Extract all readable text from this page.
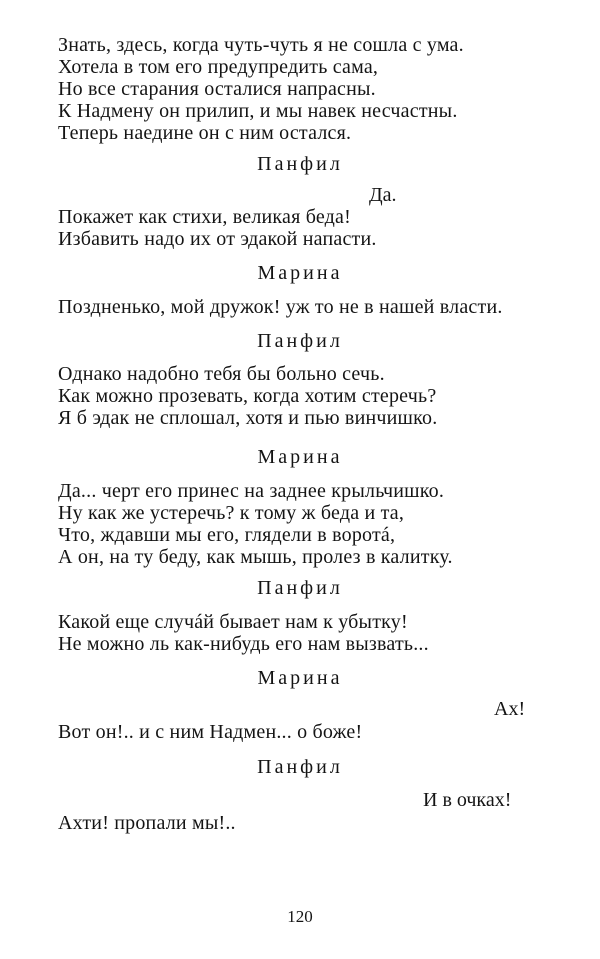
Знать, здесь, когда чуть-чуть я не сошла с ума.
Хотела в том его предупредить сама,
Но все старания осталися напрасны.
К Надмену он прилип, и мы навек несчастны.
Теперь наедине он с ним остался.
Панфил
Да.
Покажет как стихи, великая беда!
Избавить надо их от эдакой напасти.
Марина
Поздненько, мой дружок! уж то не в нашей власти.
Панфил
Однако надобно тебя бы больно сечь.
Как можно прозевать, когда хотим стеречь?
Я б эдак не сплошал, хотя и пью винчишко.
Марина
Да... черт его принес на заднее крыльчишко.
Ну как же устеречь? к тому ж беда и та,
Что, ждавши мы его, глядели в воротá,
А он, на ту беду, как мышь, пролез в калитку.
Панфил
Какой еще случáй бывает нам к убытку!
Не можно ль как-нибудь его нам вызвать...
Марина
Ах!
Вот он!.. и с ним Надмен... о боже!
Панфил
И в очках!
Ахти! пропали мы!..
120
